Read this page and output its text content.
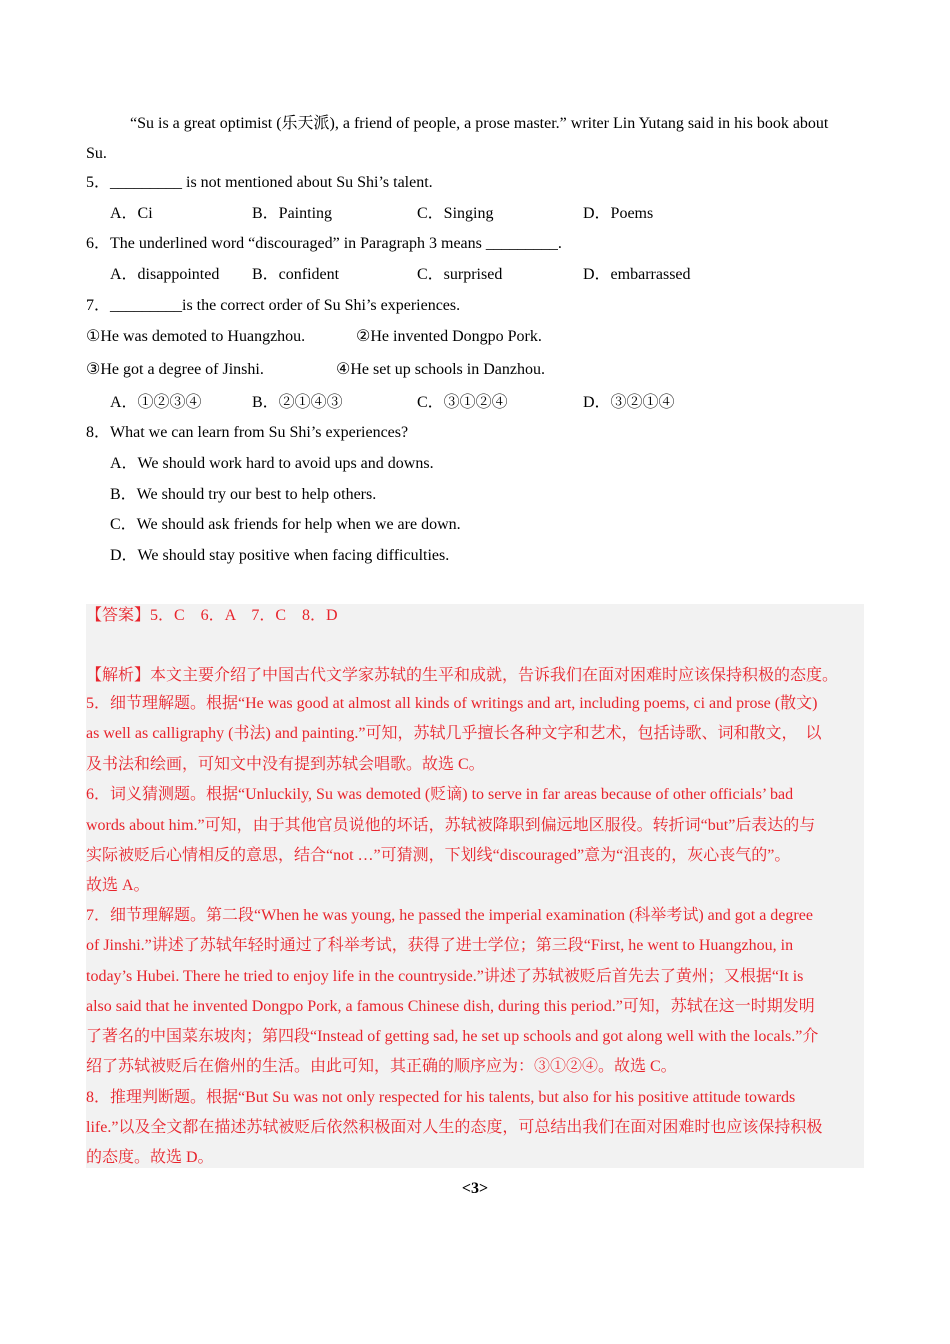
“Su is a great optimist (乐天派), a friend of people, a prose master.” writer Lin Yutang said in his book about
Su.
5．_________ is not mentioned about Su Shi’s talent.
A．Ci	B．Painting	C．Singing	D．Poems
6．The underlined word “discouraged” in Paragraph 3 means _________.
A．disappointed B．confident	C．surprised	D．embarrassed
7．_________is the correct order of Su Shi’s experiences.
①He was demoted to Huangzhou.	②He invented Dongpo Pork.
③He got a degree of Jinshi.	④He set up schools in Danzhou.
A．①②③④	B．②①④③	C．③①②④	D．③②①④
8．What we can learn from Su Shi’s experiences?
A．We should work hard to avoid ups and downs.
B．We should try our best to help others.
C．We should ask friends for help when we are down.
D．We should stay positive when facing difficulties.
【答案】5．C　6．A　7．C　8．D
【解析】本文主要介绍了中国古代文学家苏轼的生平和成就，告诉我们在面对困难时应该保持积极的态度。
5．细节理解题。根据“He was good at almost all kinds of writings and art, including poems, ci and prose (散文)
as well as calligraphy (书法) and painting.”可知，苏轼几乎擅长各种文字和艺术，包括诗歌、词和散文，　以
及书法和绘画，可知文中没有提到苏轼会唱歌。故选 C。
6．词义猜测题。根据“Unluckily, Su was demoted (贬谪) to serve in far areas because of other officials’ bad
words about him.”可知，由于其他官员说他的坏话，苏轼被降职到偏远地区服役。转折词“but”后表达的与
实际被贬后心情相反的意思，结合“not …”可猜测，下划线“discouraged”意为“沮丧的，灰心丧气的”。
故选 A。
7．细节理解题。第二段“When he was young, he passed the imperial examination (科举考试) and got a degree
of Jinshi.”讲述了苏轼年轻时通过了科举考试，获得了进士学位；第三段“First, he went to Huangzhou, in
today’s Hubei. There he tried to enjoy life in the countryside.”讲述了苏轼被贬后首先去了黄州；又根据“It is
also said that he invented Dongpo Pork, a famous Chinese dish, during this period.”可知，苏轼在这一时期发明
了著名的中国菜东坡肉；第四段“Instead of getting sad, he set up schools and got along well with the locals.”介
绍了苏轼被贬后在儋州的生活。由此可知，其正确的顺序应为：③①②④。故选 C。
8．推理判断题。根据“But Su was not only respected for his talents, but also for his positive attitude towards
life.”以及全文都在描述苏轼被贬后依然积极面对人生的态度，可总结出我们在面对困难时也应该保持积极
的态度。故选 D。
<3>
